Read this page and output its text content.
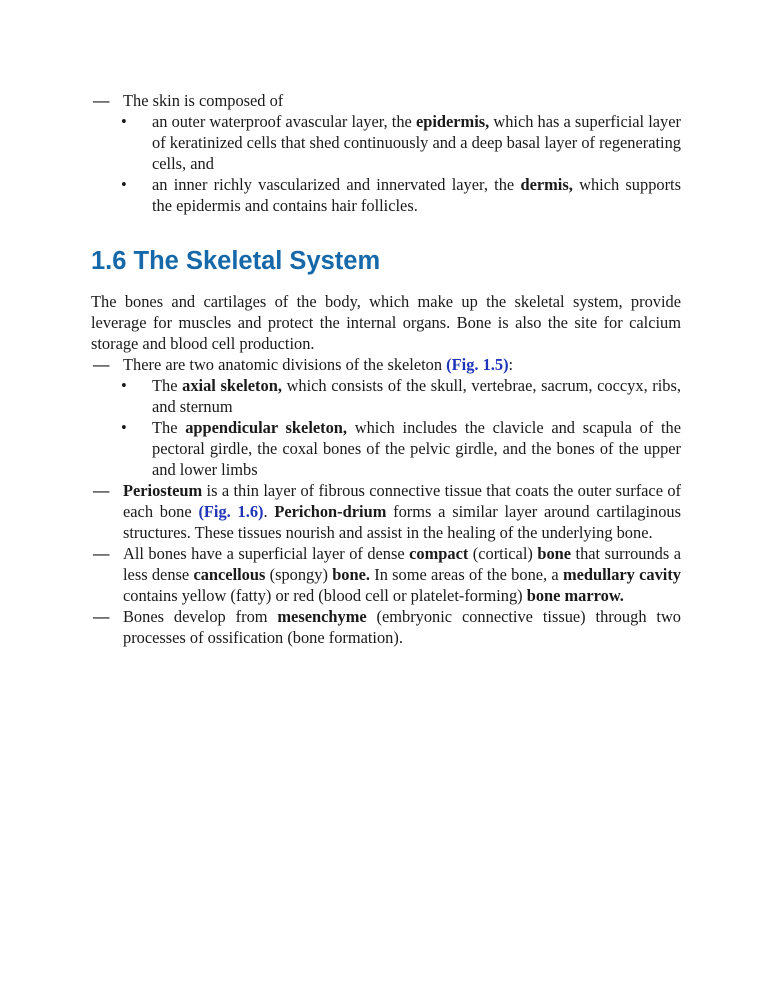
— The skin is composed of

• an outer waterproof avascular layer, the epidermis, which has a superficial layer of keratinized cells that shed continuously and a deep basal layer of regenerating cells, and
• an inner richly vascularized and innervated layer, the dermis, which supports the epidermis and contains hair follicles.
1.6 The Skeletal System

The bones and cartilages of the body, which make up the skeletal system, provide leverage for muscles and protect the internal organs. Bone is also the site for calcium storage and blood cell production.

— There are two anatomic divisions of the skeleton (Fig. 1.5):
• The axial skeleton, which consists of the skull, vertebrae, sacrum, coccyx, ribs, and sternum
• The appendicular skeleton, which includes the clavicle and scapula of the pectoral girdle, the coxal bones of the pelvic girdle, and the bones of the upper and lower limbs
— Periosteum is a thin layer of fibrous connective tissue that coats the outer surface of each bone (Fig. 1.6). Perichon-drium forms a similar layer around cartilaginous structures. These tissues nourish and assist in the healing of the underlying bone.
— All bones have a superficial layer of dense compact (cortical) bone that surrounds a less dense cancellous (spongy) bone. In some areas of the bone, a medullary cavity contains yellow (fatty) or red (blood cell or platelet-forming) bone marrow.
— Bones develop from mesenchyme (embryonic connective tissue) through two processes of ossification (bone formation).
